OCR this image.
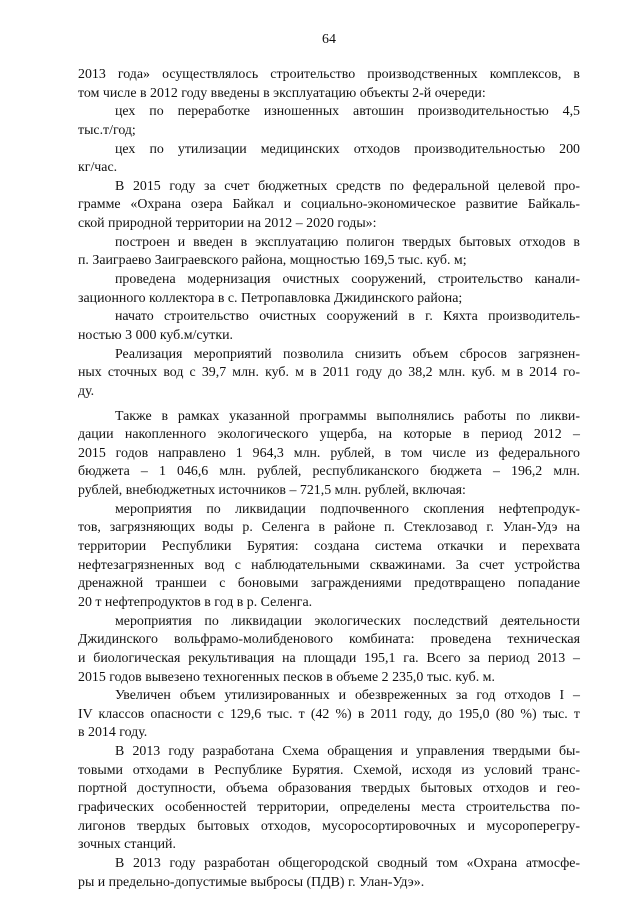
64
2013 года» осуществлялось строительство производственных комплексов, в
том числе в 2012 году введены в эксплуатацию объекты 2-й очереди:
цех по переработке изношенных автошин производительностью 4,5
тыс.т/год;
цех по утилизации медицинских отходов производительностью 200
кг/час.
В 2015 году за счет бюджетных средств по федеральной целевой про-
грамме «Охрана озера Байкал и социально-экономическое развитие Байкаль-
ской природной территории на 2012 – 2020 годы»:
построен и введен в эксплуатацию полигон твердых бытовых отходов в
п. Заиграево Заиграевского района, мощностью 169,5 тыс. куб. м;
проведена модернизация очистных сооружений, строительство канали-
зационного коллектора в с. Петропавловка Джидинского района;
начато строительство очистных сооружений в г. Кяхта производитель-
ностью 3 000 куб.м/сутки.
Реализация мероприятий позволила снизить объем сбросов загрязнен-
ных сточных вод с 39,7 млн. куб. м в 2011 году до 38,2 млн. куб. м в 2014 го-
ду.
Также в рамках указанной программы выполнялись работы по ликви-
дации накопленного экологического ущерба, на которые в период 2012 –
2015 годов направлено 1 964,3 млн. рублей, в том числе из федерального
бюджета – 1 046,6 млн. рублей, республиканского бюджета – 196,2 млн.
рублей, внебюджетных источников – 721,5 млн. рублей, включая:
мероприятия по ликвидации подпочвенного скопления нефтепродук-
тов, загрязняющих воды р. Селенга в районе п. Стеклозавод г. Улан-Удэ на
территории Республики Бурятия: создана система откачки и перехвата
нефтезагрязненных вод с наблюдательными скважинами. За счет устройства
дренажной траншеи с боновыми заграждениями предотвращено попадание
20 т нефтепродуктов в год в р. Селенга.
мероприятия по ликвидации экологических последствий деятельности
Джидинского вольфрамо-молибденового комбината: проведена техническая
и биологическая рекультивация на площади 195,1 га. Всего за период 2013 –
2015 годов вывезено техногенных песков в объеме 2 235,0 тыс. куб. м.
Увеличен объем утилизированных и обезвреженных за год отходов I –
IV классов опасности с 129,6 тыс. т (42 %) в 2011 году, до 195,0 (80 %) тыс. т
в 2014 году.
В 2013 году разработана Схема обращения и управления твердыми бы-
товыми отходами в Республике Бурятия. Схемой, исходя из условий транс-
портной доступности, объема образования твердых бытовых отходов и гео-
графических особенностей территории, определены места строительства по-
лигонов твердых бытовых отходов, мусоросортировочных и мусороперегру-
зочных станций.
В 2013 году разработан общегородской сводный том «Охрана атмосфе-
ры и предельно-допустимые выбросы (ПДВ) г. Улан-Удэ».
